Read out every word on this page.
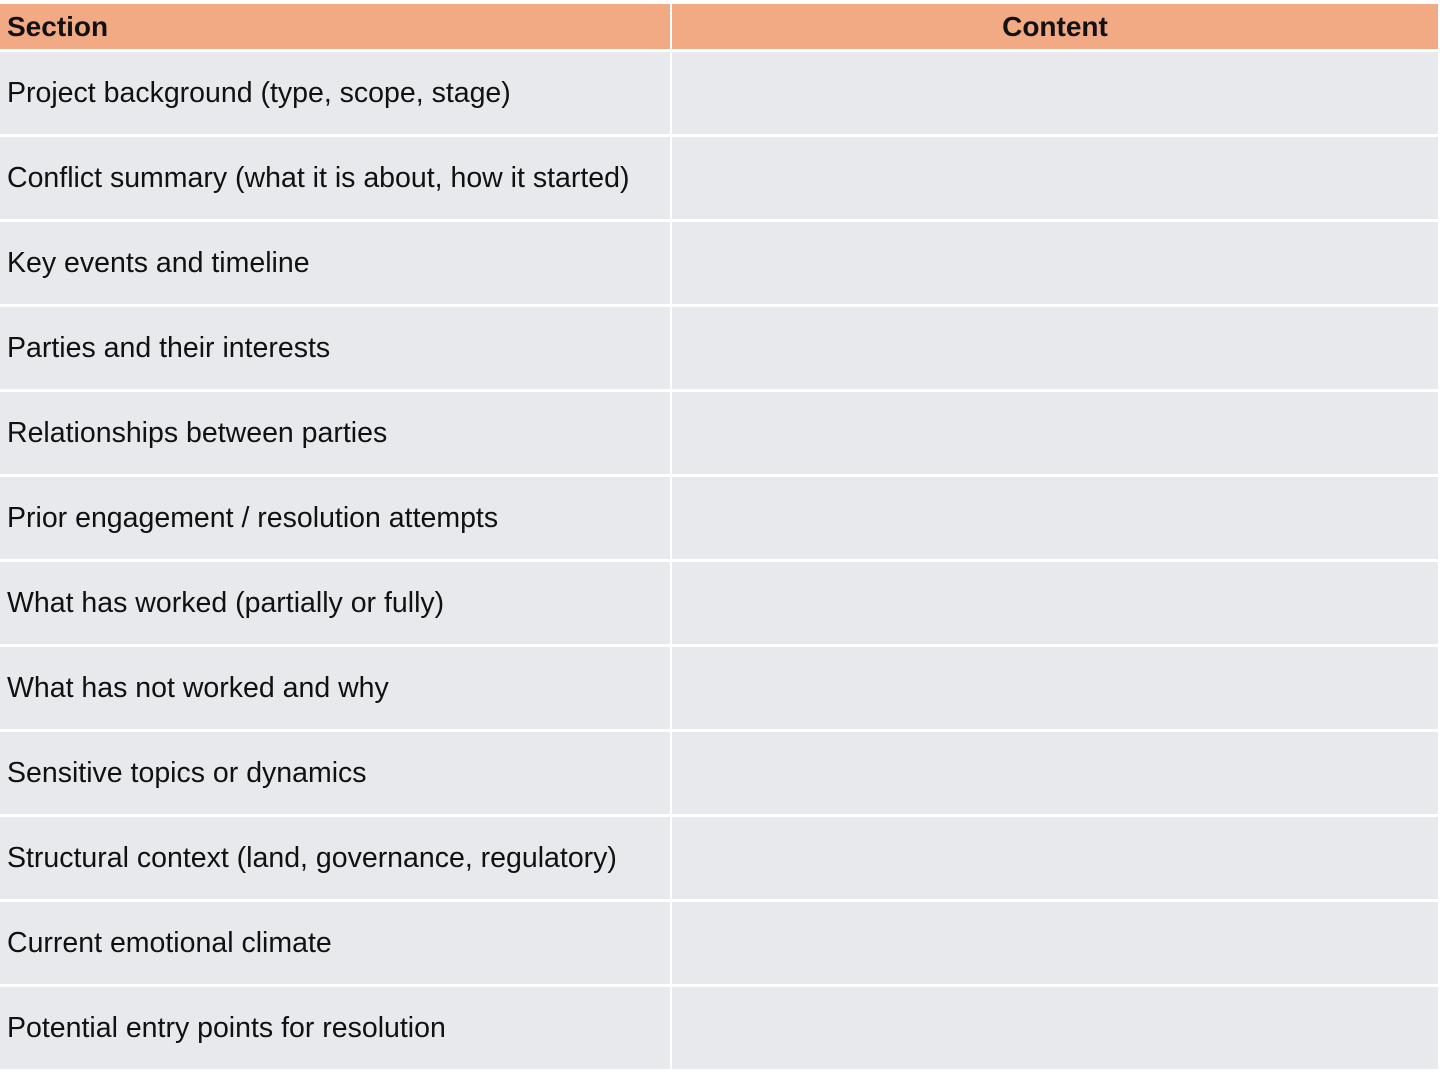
Section	Content
Project background (type, scope, stage)
Conflict summary (what it is about, how it started)
Key events and timeline
Parties and their interests
Relationships between parties
Prior engagement / resolution attempts
What has worked (partially or fully)
What has not worked and why
Sensitive topics or dynamics
Structural context (land, governance, regulatory)
Current emotional climate
Potential entry points for resolution
